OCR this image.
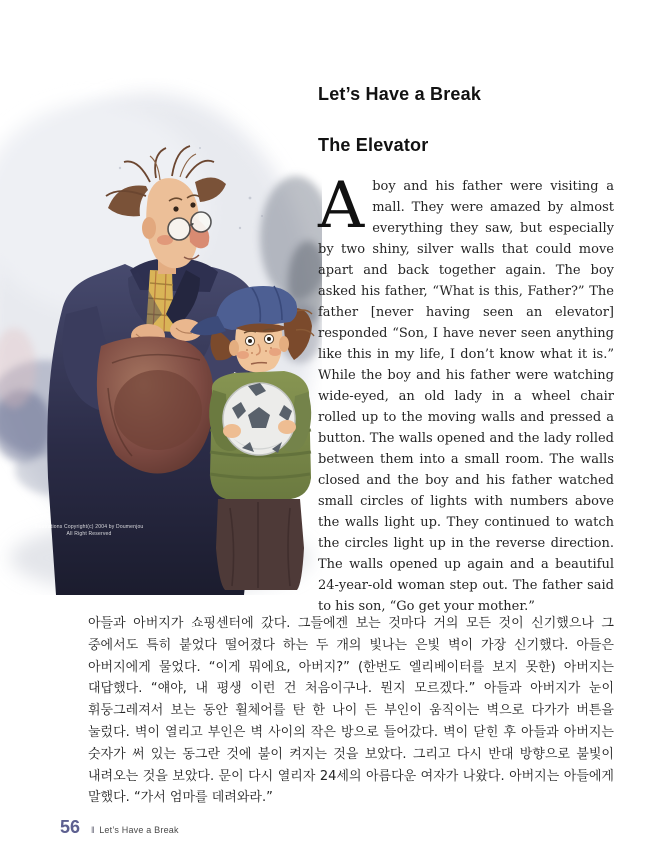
Illustrations Copyright(c) 2004 by Doumenjou
All Right Reserved
Let’s Have a Break
The Elevator

Aboy and his father were visiting a mall. They were amazed by almost everything they saw, but especially by two shiny, silver walls that could move apart and back together again. The boy asked his father, “What is this, Father?” The father [never having seen an elevator] responded “Son, I have never seen anything like this in my life, I don’t know what it is.” While the boy and his father were watching wide-eyed, an old lady in a wheel chair rolled up to the moving walls and pressed a button. The walls opened and the lady rolled between them into a small room. The walls closed and the boy and his father watched small circles of lights with numbers above the walls light up. They continued to watch the circles light up in the reverse direction. The walls opened up again and a beautiful 24-year-old woman step out. The father said to his son, “Go get your mother.”

아들과 아버지가 쇼핑센터에 갔다. 그들에겐 보는 것마다 거의 모든 것이 신기했으나 그 중에서도 특히 붙었다 떨어졌다 하는 두 개의 빛나는 은빛 벽이 가장 신기했다. 아들은 아버지에게 물었다. “이게 뭐에요, 아버지?” (한번도 엘리베이터를 보지 못한) 아버지는 대답했다. “얘야, 내 평생 이런 건 처음이구나. 뭔지 모르겠다.” 아들과 아버지가 눈이 휘둥그레져서 보는 동안 휠체어를 탄 한 나이 든 부인이 움직이는 벽으로 다가가 버튼을 눌렀다. 벽이 열리고 부인은 벽 사이의 작은 방으로 들어갔다. 벽이 닫힌 후 아들과 아버지는 숫자가 써 있는 동그란 것에 불이 켜지는 것을 보았다. 그리고 다시 반대 방향으로 불빛이 내려오는 것을 보았다. 문이 다시 열리자 24세의 아름다운 여자가 나왔다. 아버지는 아들에게 말했다. “가서 엄마를 데려와라.”

56 ‖ Let’s Have a Break
